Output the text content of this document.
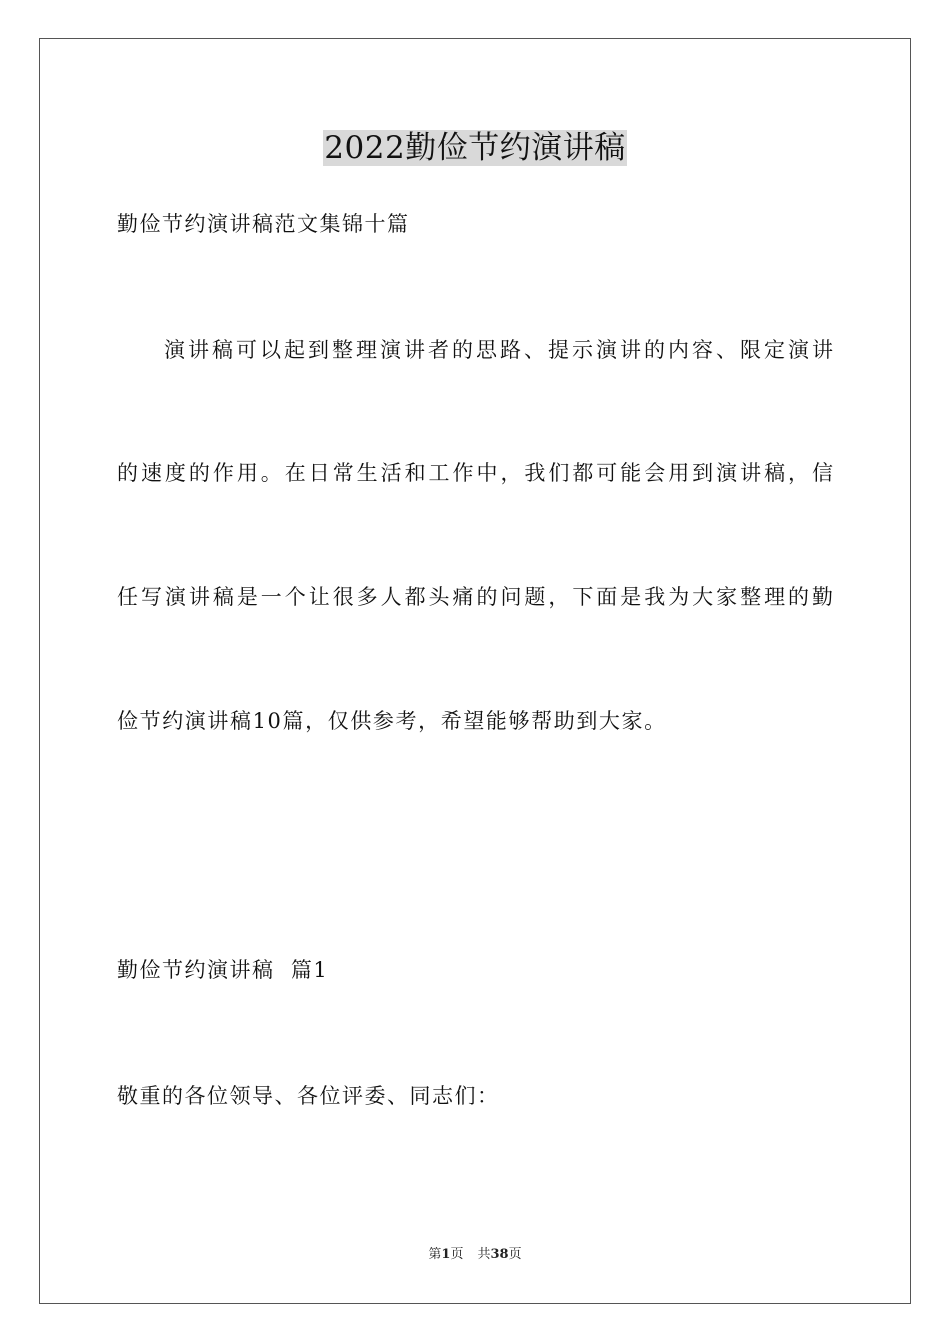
2022勤俭节约演讲稿
勤俭节约演讲稿范文集锦十篇
演讲稿可以起到整理演讲者的思路、提示演讲的内容、限定演讲
的速度的作用。在日常生活和工作中，我们都可能会用到演讲稿，信
任写演讲稿是一个让很多人都头痛的问题，下面是我为大家整理的勤
俭节约演讲稿10篇，仅供参考，希望能够帮助到大家。
勤俭节约演讲稿  篇1
敬重的各位领导、各位评委、同志们：
第1页 共38页
